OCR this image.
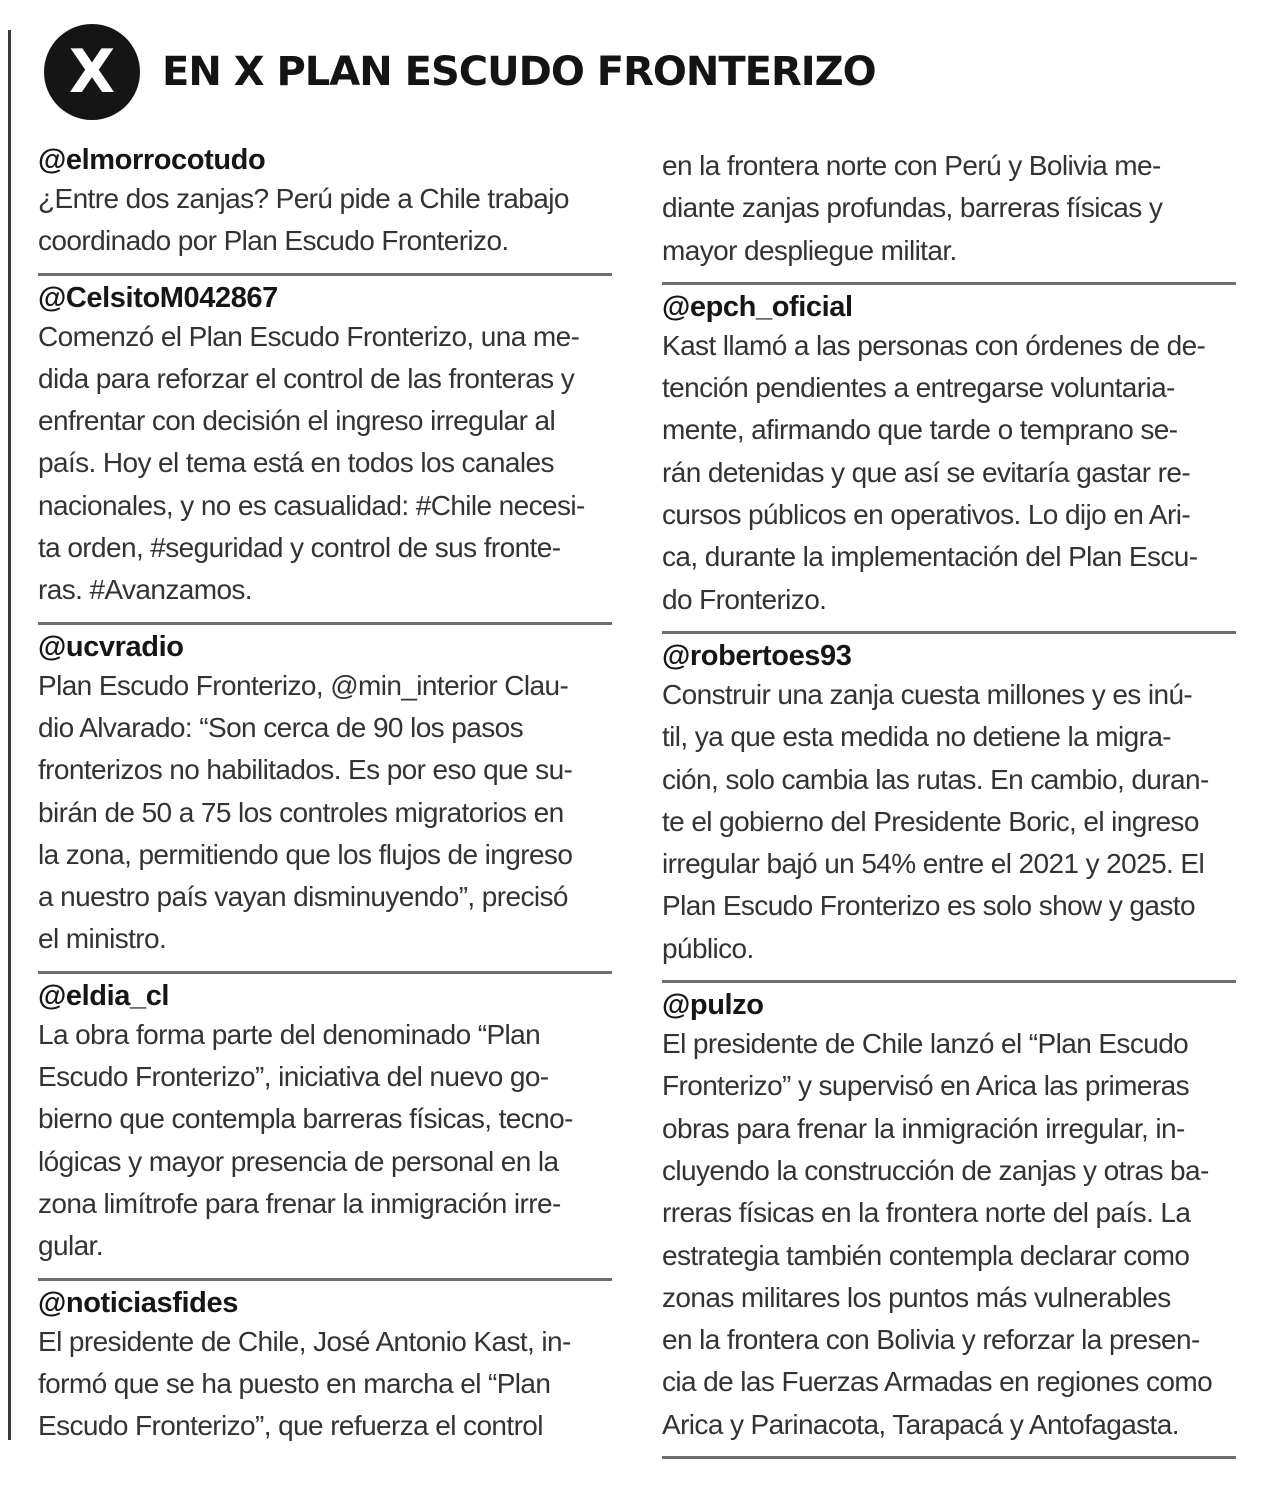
X EN X PLAN ESCUDO FRONTERIZO
@elmorrocotudo
¿Entre dos zanjas? Perú pide a Chile trabajo
coordinado por Plan Escudo Fronterizo.
@CelsitoM042867
Comenzó el Plan Escudo Fronterizo, una me-
dida para reforzar el control de las fronteras y
enfrentar con decisión el ingreso irregular al
país. Hoy el tema está en todos los canales
nacionales, y no es casualidad: #Chile necesi-
ta orden, #seguridad y control de sus fronte-
ras. #Avanzamos.
@ucvradio
Plan Escudo Fronterizo, @min_interior Clau-
dio Alvarado: “Son cerca de 90 los pasos
fronterizos no habilitados. Es por eso que su-
birán de 50 a 75 los controles migratorios en
la zona, permitiendo que los flujos de ingreso
a nuestro país vayan disminuyendo”, precisó
el ministro.
@eldia_cl
La obra forma parte del denominado “Plan
Escudo Fronterizo”, iniciativa del nuevo go-
bierno que contempla barreras físicas, tecno-
lógicas y mayor presencia de personal en la
zona limítrofe para frenar la inmigración irre-
gular.
@noticiasfides
El presidente de Chile, José Antonio Kast, in-
formó que se ha puesto en marcha el “Plan
Escudo Fronterizo”, que refuerza el control
en la frontera norte con Perú y Bolivia me-
diante zanjas profundas, barreras físicas y
mayor despliegue militar.
@epch_oficial
Kast llamó a las personas con órdenes de de-
tención pendientes a entregarse voluntaria-
mente, afirmando que tarde o temprano se-
rán detenidas y que así se evitaría gastar re-
cursos públicos en operativos. Lo dijo en Ari-
ca, durante la implementación del Plan Escu-
do Fronterizo.
@robertoes93
Construir una zanja cuesta millones y es inú-
til, ya que esta medida no detiene la migra-
ción, solo cambia las rutas. En cambio, duran-
te el gobierno del Presidente Boric, el ingreso
irregular bajó un 54% entre el 2021 y 2025. El
Plan Escudo Fronterizo es solo show y gasto
público.
@pulzo
El presidente de Chile lanzó el “Plan Escudo
Fronterizo” y supervisó en Arica las primeras
obras para frenar la inmigración irregular, in-
cluyendo la construcción de zanjas y otras ba-
rreras físicas en la frontera norte del país. La
estrategia también contempla declarar como
zonas militares los puntos más vulnerables
en la frontera con Bolivia y reforzar la presen-
cia de las Fuerzas Armadas en regiones como
Arica y Parinacota, Tarapacá y Antofagasta.
